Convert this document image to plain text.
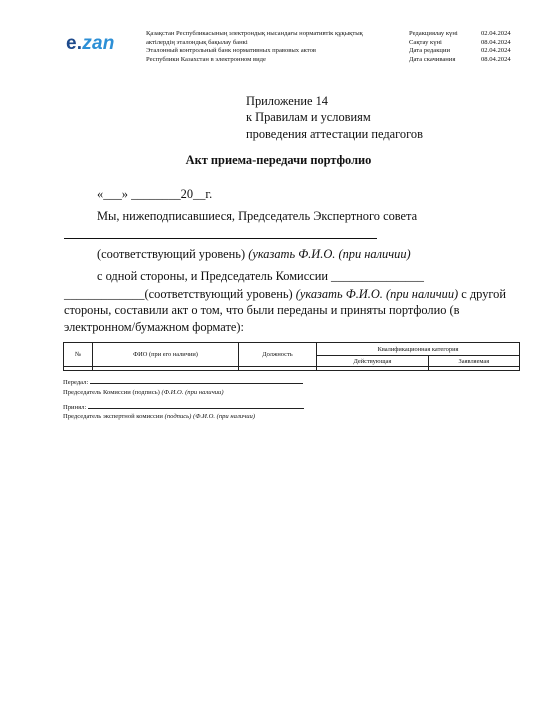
e.zan	Қазақстан Республикасының электрондық нысандағы нормативтік құқықтық
актілердің эталондық бақылау банкі
Эталонный контрольный банк нормативных правовых актов
Республики Казахстан в электронном виде
Редакциялау күні	02.04.2024
Сақтау күні	08.04.2024
Дата редакции	02.04.2024
Дата скачивания	08.04.2024
Приложение 14
к Правилам и условиям
проведения аттестации педагогов
Акт приема-передачи портфолио
«___» ________20__г.
Мы, нижеподписавшиеся, Председатель Экспертного совета
(соответствующий уровень) (указать Ф.И.О. (при наличии)
с одной стороны, и Председатель Комиссии _______________
_____________(соответствующий уровень) (указать Ф.И.О. (при наличии) с другой стороны, составили акт о том, что были переданы и приняты портфолио (в электронном/бумажном формате):
№	ФИО (при его наличии)	Должность	Квалификационная категория	
			Действующая	Заявляемая

Передал:
Председатель Комиссии (подпись) (Ф.И.О. (при наличии)
Принял:
Председатель экспертной комиссии (подпись) (Ф.И.О. (при наличии)
